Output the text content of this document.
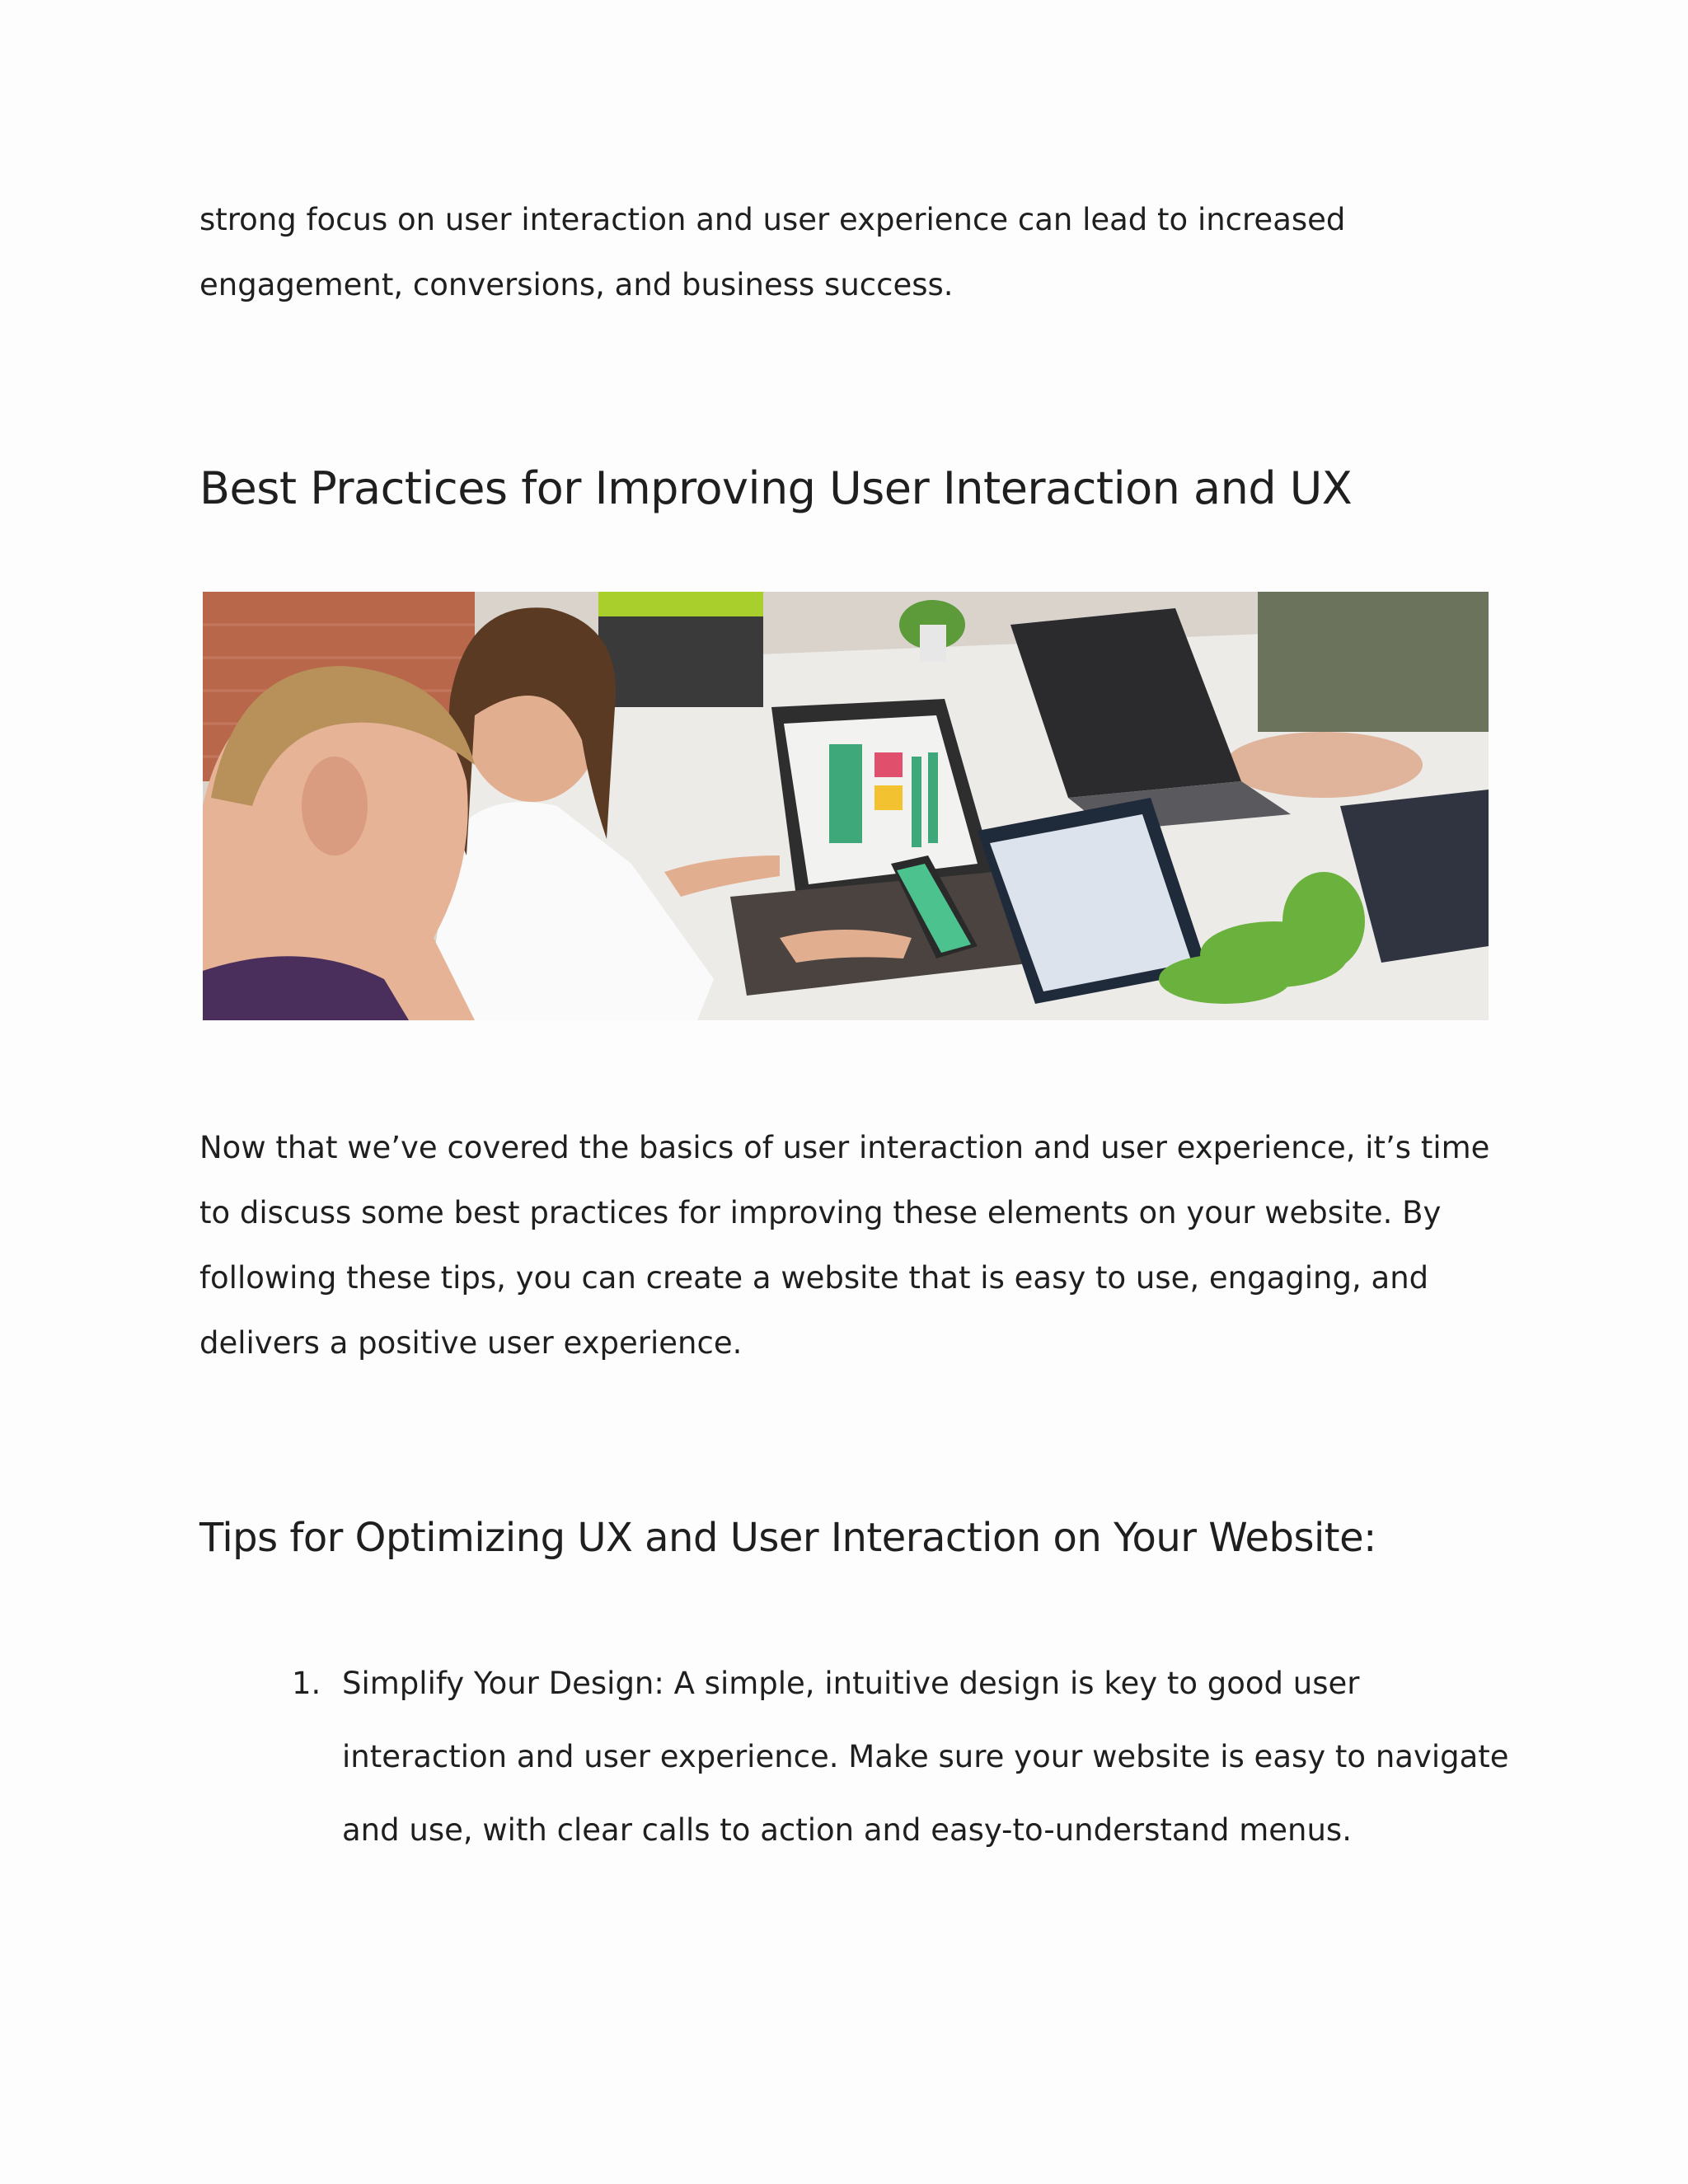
strong focus on user interaction and user experience can lead to increased engagement, conversions, and business success.

Best Practices for Improving User Interaction and UX

Now that we’ve covered the basics of user interaction and user experience, it’s time to discuss some best practices for improving these elements on your website. By following these tips, you can create a website that is easy to use, engaging, and delivers a positive user experience.

Tips for Optimizing UX and User Interaction on Your Website:
1. Simplify Your Design: A simple, intuitive design is key to good user interaction and user experience. Make sure your website is easy to navigate and use, with clear calls to action and easy-to-understand menus.
